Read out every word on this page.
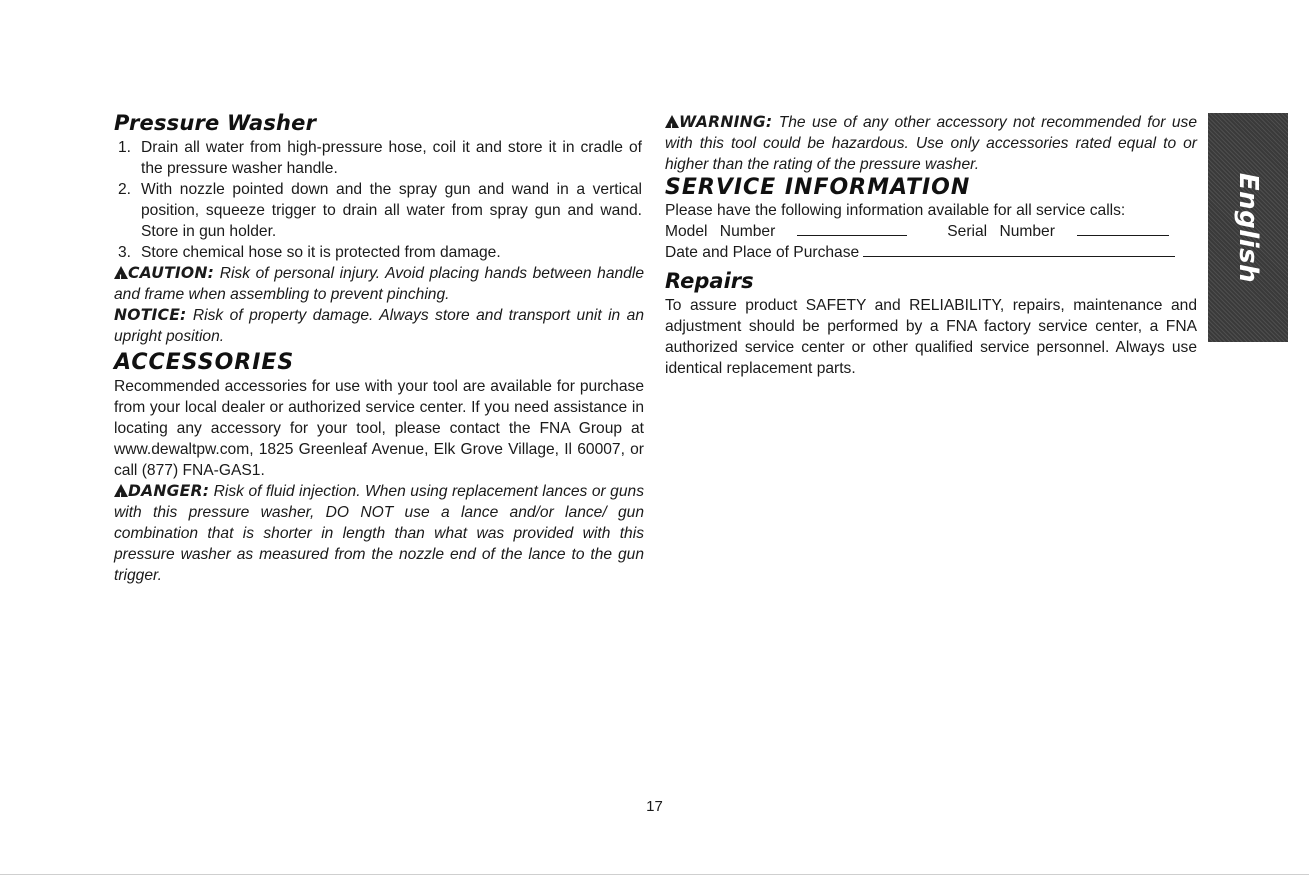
Pressure Washer
1. Drain all water from high-pressure hose, coil it and store it in cradle of the pressure washer handle.
2. With nozzle pointed down and the spray gun and wand in a vertical position, squeeze trigger to drain all water from spray gun and wand. Store in gun holder.
3. Store chemical hose so it is protected from damage.

!CAUTION: Risk of personal injury. Avoid placing hands between handle and frame when assembling to prevent pinching.

NOTICE: Risk of property damage. Always store and transport unit in an upright position.

ACCESSORIES

Recommended accessories for use with your tool are available for purchase from your local dealer or authorized service center. If you need assistance in locating any accessory for your tool, please contact the FNA Group at www.dewaltpw.com, 1825 Greenleaf Avenue, Elk Grove Village, Il 60007, or call (877) FNA-GAS1.

!DANGER: Risk of fluid injection. When using replacement lances or guns with this pressure washer, DO NOT use a lance and/or lance/ gun combination that is shorter in length than what was provided with this pressure washer as measured from the nozzle end of the lance to the gun trigger.

!WARNING: The use of any other accessory not recommended for use with this tool could be hazardous. Use only accessories rated equal to or higher than the rating of the pressure washer.

SERVICE INFORMATION

Please have the following information available for all service calls:

Model Number	Serial Number
Date and Place of Purchase
Repairs

To assure product SAFETY and RELIABILITY, repairs, maintenance and adjustment should be performed by a FNA factory service center, a FNA authorized service center or other qualified service personnel. Always use identical replacement parts.

English
17
